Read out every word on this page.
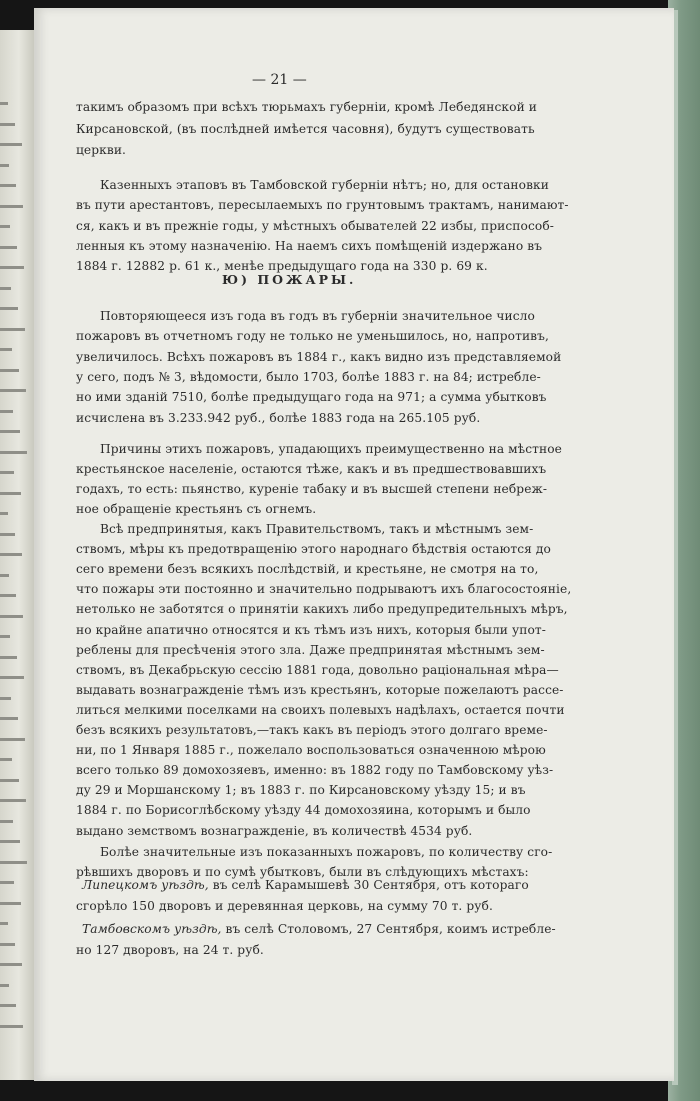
— 21 —
такимъ образомъ при всѣхъ тюрьмахъ губерніи, кромѣ Лебедянской и
Кирсановской, (въ послѣдней имѣется часовня), будутъ существовать
церкви.
Казенныхъ этаповъ въ Тамбовской губерніи нѣтъ; но, для остановки
въ пути арестантовъ, пересылаемыхъ по грунтовымъ трактамъ, нанимают-
ся, какъ и въ прежніе годы, у мѣстныхъ обывателей 22 избы, приспособ-
ленныя къ этому назначенію. На наемъ сихъ помѣщеній издержано въ
1884 г. 12882 р. 61 к., менѣе предыдущаго года на 330 р. 69 к.
Ю) ПОЖАРЫ.
Повторяющееся изъ года въ годъ въ губерніи значительное число
пожаровъ въ отчетномъ году не только не уменьшилось, но, напротивъ,
увеличилось. Всѣхъ пожаровъ въ 1884 г., какъ видно изъ представляемой
у сего, подъ № 3, вѣдомости, было 1703, болѣе 1883 г. на 84; истребле-
но ими зданій 7510, болѣе предыдущаго года на 971; а сумма убытковъ
исчислена въ 3.233.942 руб., болѣе 1883 года на 265.105 руб.
Причины этихъ пожаровъ, упадающихъ преимущественно на мѣстное
крестьянское населеніе, остаются тѣже, какъ и въ предшествовавшихъ
годахъ, то есть: пьянство, куреніе табаку и въ высшей степени небреж-
ное обращеніе крестьянъ съ огнемъ.
Всѣ предпринятыя, какъ Правительствомъ, такъ и мѣстнымъ зем-
ствомъ, мѣры къ предотвращенію этого народнаго бѣдствія остаются до
сего времени безъ всякихъ послѣдствій, и крестьяне, не смотря на то,
что пожары эти постоянно и значительно подрываютъ ихъ благосостояніе,
нетолько не заботятся о принятіи какихъ либо предупредительныхъ мѣръ,
но крайне апатично относятся и къ тѣмъ изъ нихъ, которыя были упот-
реблены для пресѣченія этого зла. Даже предпринятая мѣстнымъ зем-
ствомъ, въ Декабрьскую сессію 1881 года, довольно раціональная мѣра—
выдавать вознагражденіе тѣмъ изъ крестьянъ, которые пожелаютъ рассе-
литься мелкими поселками на своихъ полевыхъ надѣлахъ, остается почти
безъ всякихъ результатовъ,—такъ какъ въ періодъ этого долгаго време-
ни, по 1 Января 1885 г., пожелало воспользоваться означенною мѣрою
всего только 89 домохозяевъ, именно: въ 1882 году по Тамбовскому уѣз-
ду 29 и Моршанскому 1; въ 1883 г. по Кирсановскому уѣзду 15; и въ
1884 г. по Борисоглѣбскому уѣзду 44 домохозяина, которымъ и было
выдано земствомъ вознагражденіе, въ количествѣ 4534 руб.
Болѣе значительные изъ показанныхъ пожаровъ, по количеству сго-
рѣвшихъ дворовъ и по сумѣ убытковъ, были въ слѣдующихъ мѣстахъ:
Липецкомъ уѣздѣ, въ селѣ Карамышевѣ 30 Сентября, отъ котораго
сгорѣло 150 дворовъ и деревянная церковь, на сумму 70 т. руб.
Тамбовскомъ уѣздѣ, въ селѣ Столовомъ, 27 Сентября, коимъ истребле-
но 127 дворовъ, на 24 т. руб.
